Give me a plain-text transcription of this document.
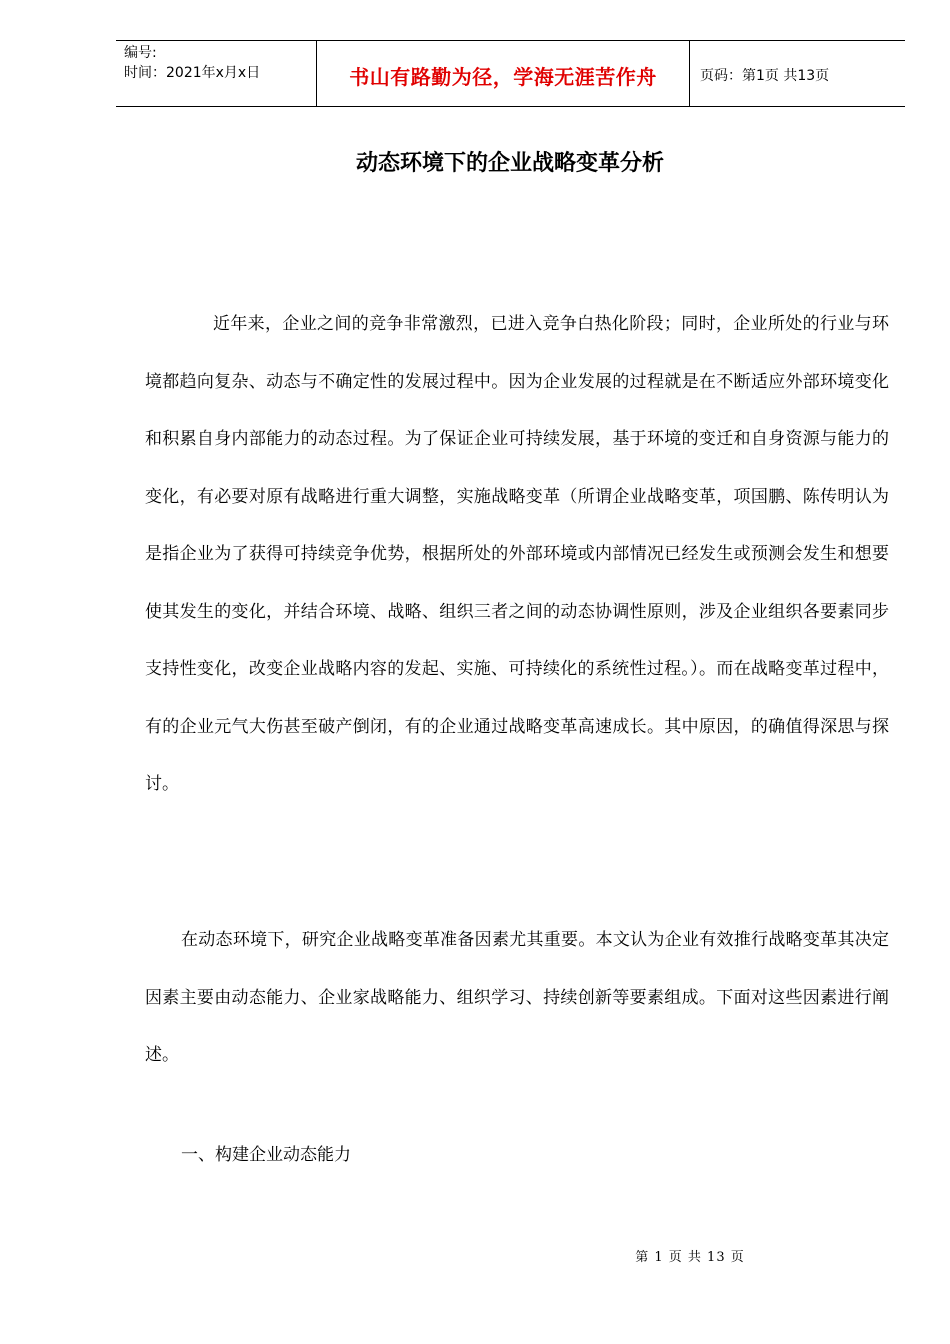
编号:
时间：2021年x月x日	书山有路勤为径，学海无涯苦作舟	页码：第1页 共13页
动态环境下的企业战略变革分析

近年来，企业之间的竞争非常激烈，已进入竞争白热化阶段；同时，企业所处的行业与环境都趋向复杂、动态与不确定性的发展过程中。因为企业发展的过程就是在不断适应外部环境变化和积累自身内部能力的动态过程。为了保证企业可持续发展，基于环境的变迁和自身资源与能力的变化，有必要对原有战略进行重大调整，实施战略变革（所谓企业战略变革，项国鹏、陈传明认为是指企业为了获得可持续竞争优势，根据所处的外部环境或内部情况已经发生或预测会发生和想要使其发生的变化，并结合环境、战略、组织三者之间的动态协调性原则，涉及企业组织各要素同步支持性变化，改变企业战略内容的发起、实施、可持续化的系统性过程。）。而在战略变革过程中，有的企业元气大伤甚至破产倒闭，有的企业通过战略变革高速成长。其中原因，的确值得深思与探讨。

在动态环境下，研究企业战略变革准备因素尤其重要。本文认为企业有效推行战略变革其决定因素主要由动态能力、企业家战略能力、组织学习、持续创新等要素组成。下面对这些因素进行阐述。

一、构建企业动态能力

第 1 页 共 13 页
